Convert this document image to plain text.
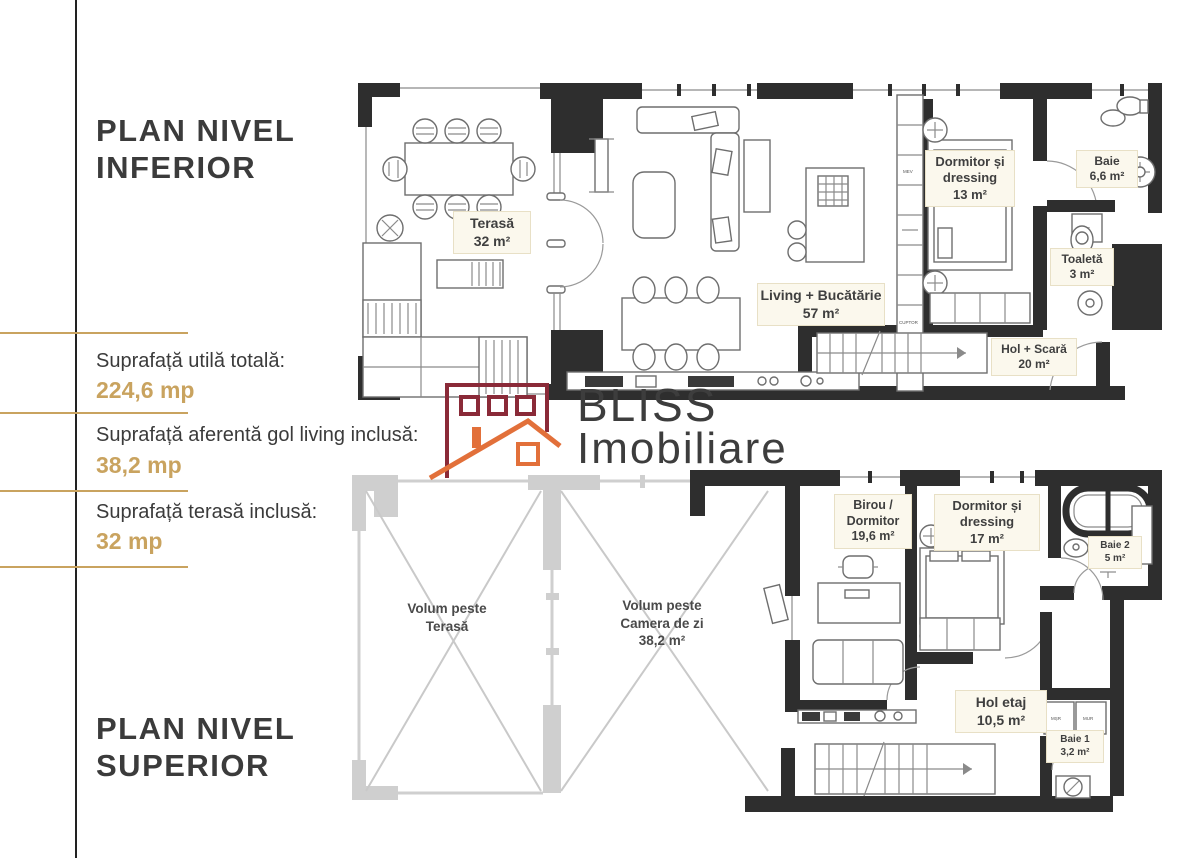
MEV
CUPTOR
MȘR	MUR
PLAN NIVEL INFERIOR
PLAN NIVEL SUPERIOR
Suprafață utilă totală:
224,6 mp
Suprafață aferentă gol living inclusă:
38,2 mp
Suprafață terasă inclusă:
32 mp
Terasă
32 m²
Living + Bucătărie
57 m²
Dormitor și dressing
13 m²
Baie
6,6 m²
Toaletă
3 m²
Hol + Scară
20 m²
Volum peste
Terasă
Volum peste
Camera de zi
38,2 m²
Birou / Dormitor
19,6 m²
Dormitor și dressing
17 m²	Baie 2
5 m²
Hol etaj
10,5 m²
Baie 1
3,2 m²
BLISS
Imobiliare
